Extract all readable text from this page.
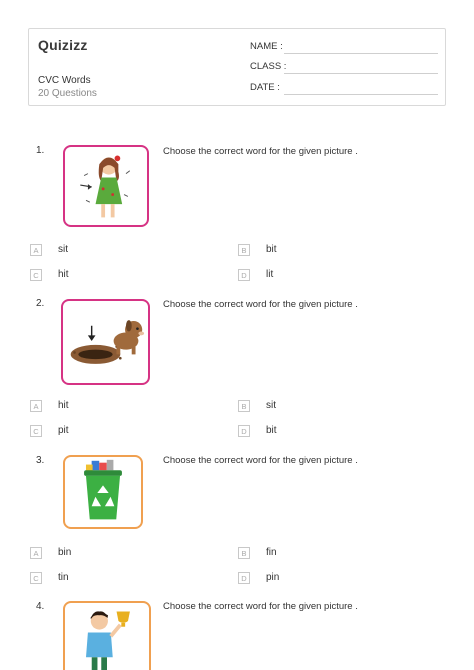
Quizizz
CVC Words
20 Questions
NAME :
CLASS :
DATE :
1.	Choose the correct word for the given picture .
A	sit	B	bit
C	hit	D	lit
2.	Choose the correct word for the given picture .
A	hit	B	sit
C	pit	D	bit
3.	Choose the correct word for the given picture .
A	bin	B	fin
C	tin	D	pin
4.	Choose the correct word for the given picture .
